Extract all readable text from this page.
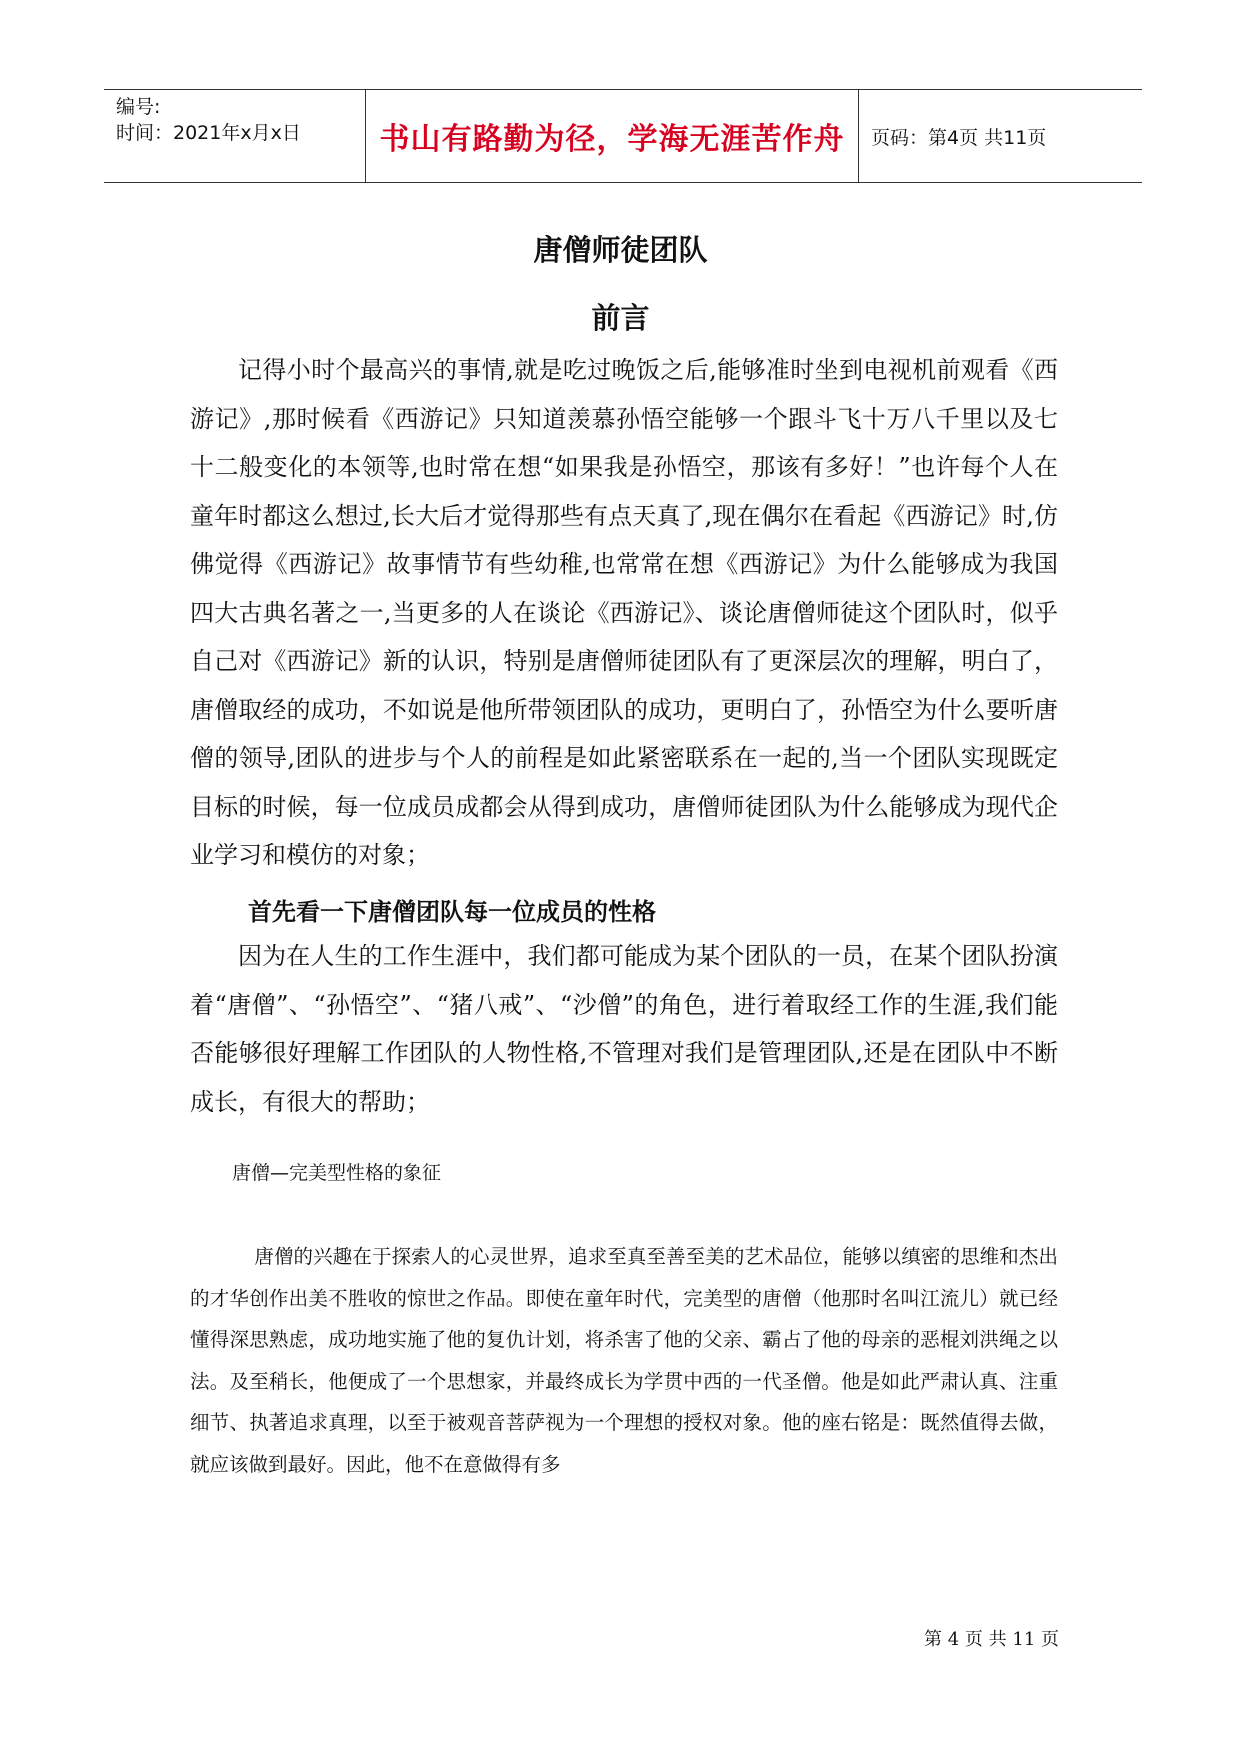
编号:
时间：2021年x月x日	书山有路勤为径，学海无涯苦作舟	页码：第4页 共11页
唐僧师徒团队
前言

记得小时个最高兴的事情,就是吃过晚饭之后,能够准时坐到电视机前观看《西游记》,那时候看《西游记》只知道羡慕孙悟空能够一个跟斗飞十万八千里以及七十二般变化的本领等,也时常在想“如果我是孙悟空，那该有多好！”也许每个人在童年时都这么想过,长大后才觉得那些有点天真了,现在偶尔在看起《西游记》时,仿佛觉得《西游记》故事情节有些幼稚,也常常在想《西游记》为什么能够成为我国四大古典名著之一,当更多的人在谈论《西游记》、谈论唐僧师徒这个团队时，似乎自己对《西游记》新的认识，特别是唐僧师徒团队有了更深层次的理解，明白了，唐僧取经的成功，不如说是他所带领团队的成功，更明白了，孙悟空为什么要听唐僧的领导,团队的进步与个人的前程是如此紧密联系在一起的,当一个团队实现既定目标的时候，每一位成员成都会从得到成功，唐僧师徒团队为什么能够成为现代企业学习和模仿的对象；

首先看一下唐僧团队每一位成员的性格

因为在人生的工作生涯中，我们都可能成为某个团队的一员，在某个团队扮演着“唐僧”、“孙悟空”、“猪八戒”、“沙僧”的角色，进行着取经工作的生涯,我们能否能够很好理解工作团队的人物性格,不管理对我们是管理团队,还是在团队中不断成长，有很大的帮助；

唐僧—完美型性格的象征

唐僧的兴趣在于探索人的心灵世界，追求至真至善至美的艺术品位，能够以缜密的思维和杰出的才华创作出美不胜收的惊世之作品。即使在童年时代，完美型的唐僧（他那时名叫江流儿）就已经懂得深思熟虑，成功地实施了他的复仇计划，将杀害了他的父亲、霸占了他的母亲的恶棍刘洪绳之以法。及至稍长，他便成了一个思想家，并最终成长为学贯中西的一代圣僧。他是如此严肃认真、注重细节、执著追求真理，以至于被观音菩萨视为一个理想的授权对象。他的座右铭是：既然值得去做，就应该做到最好。因此，他不在意做得有多

第 4 页 共 11 页
